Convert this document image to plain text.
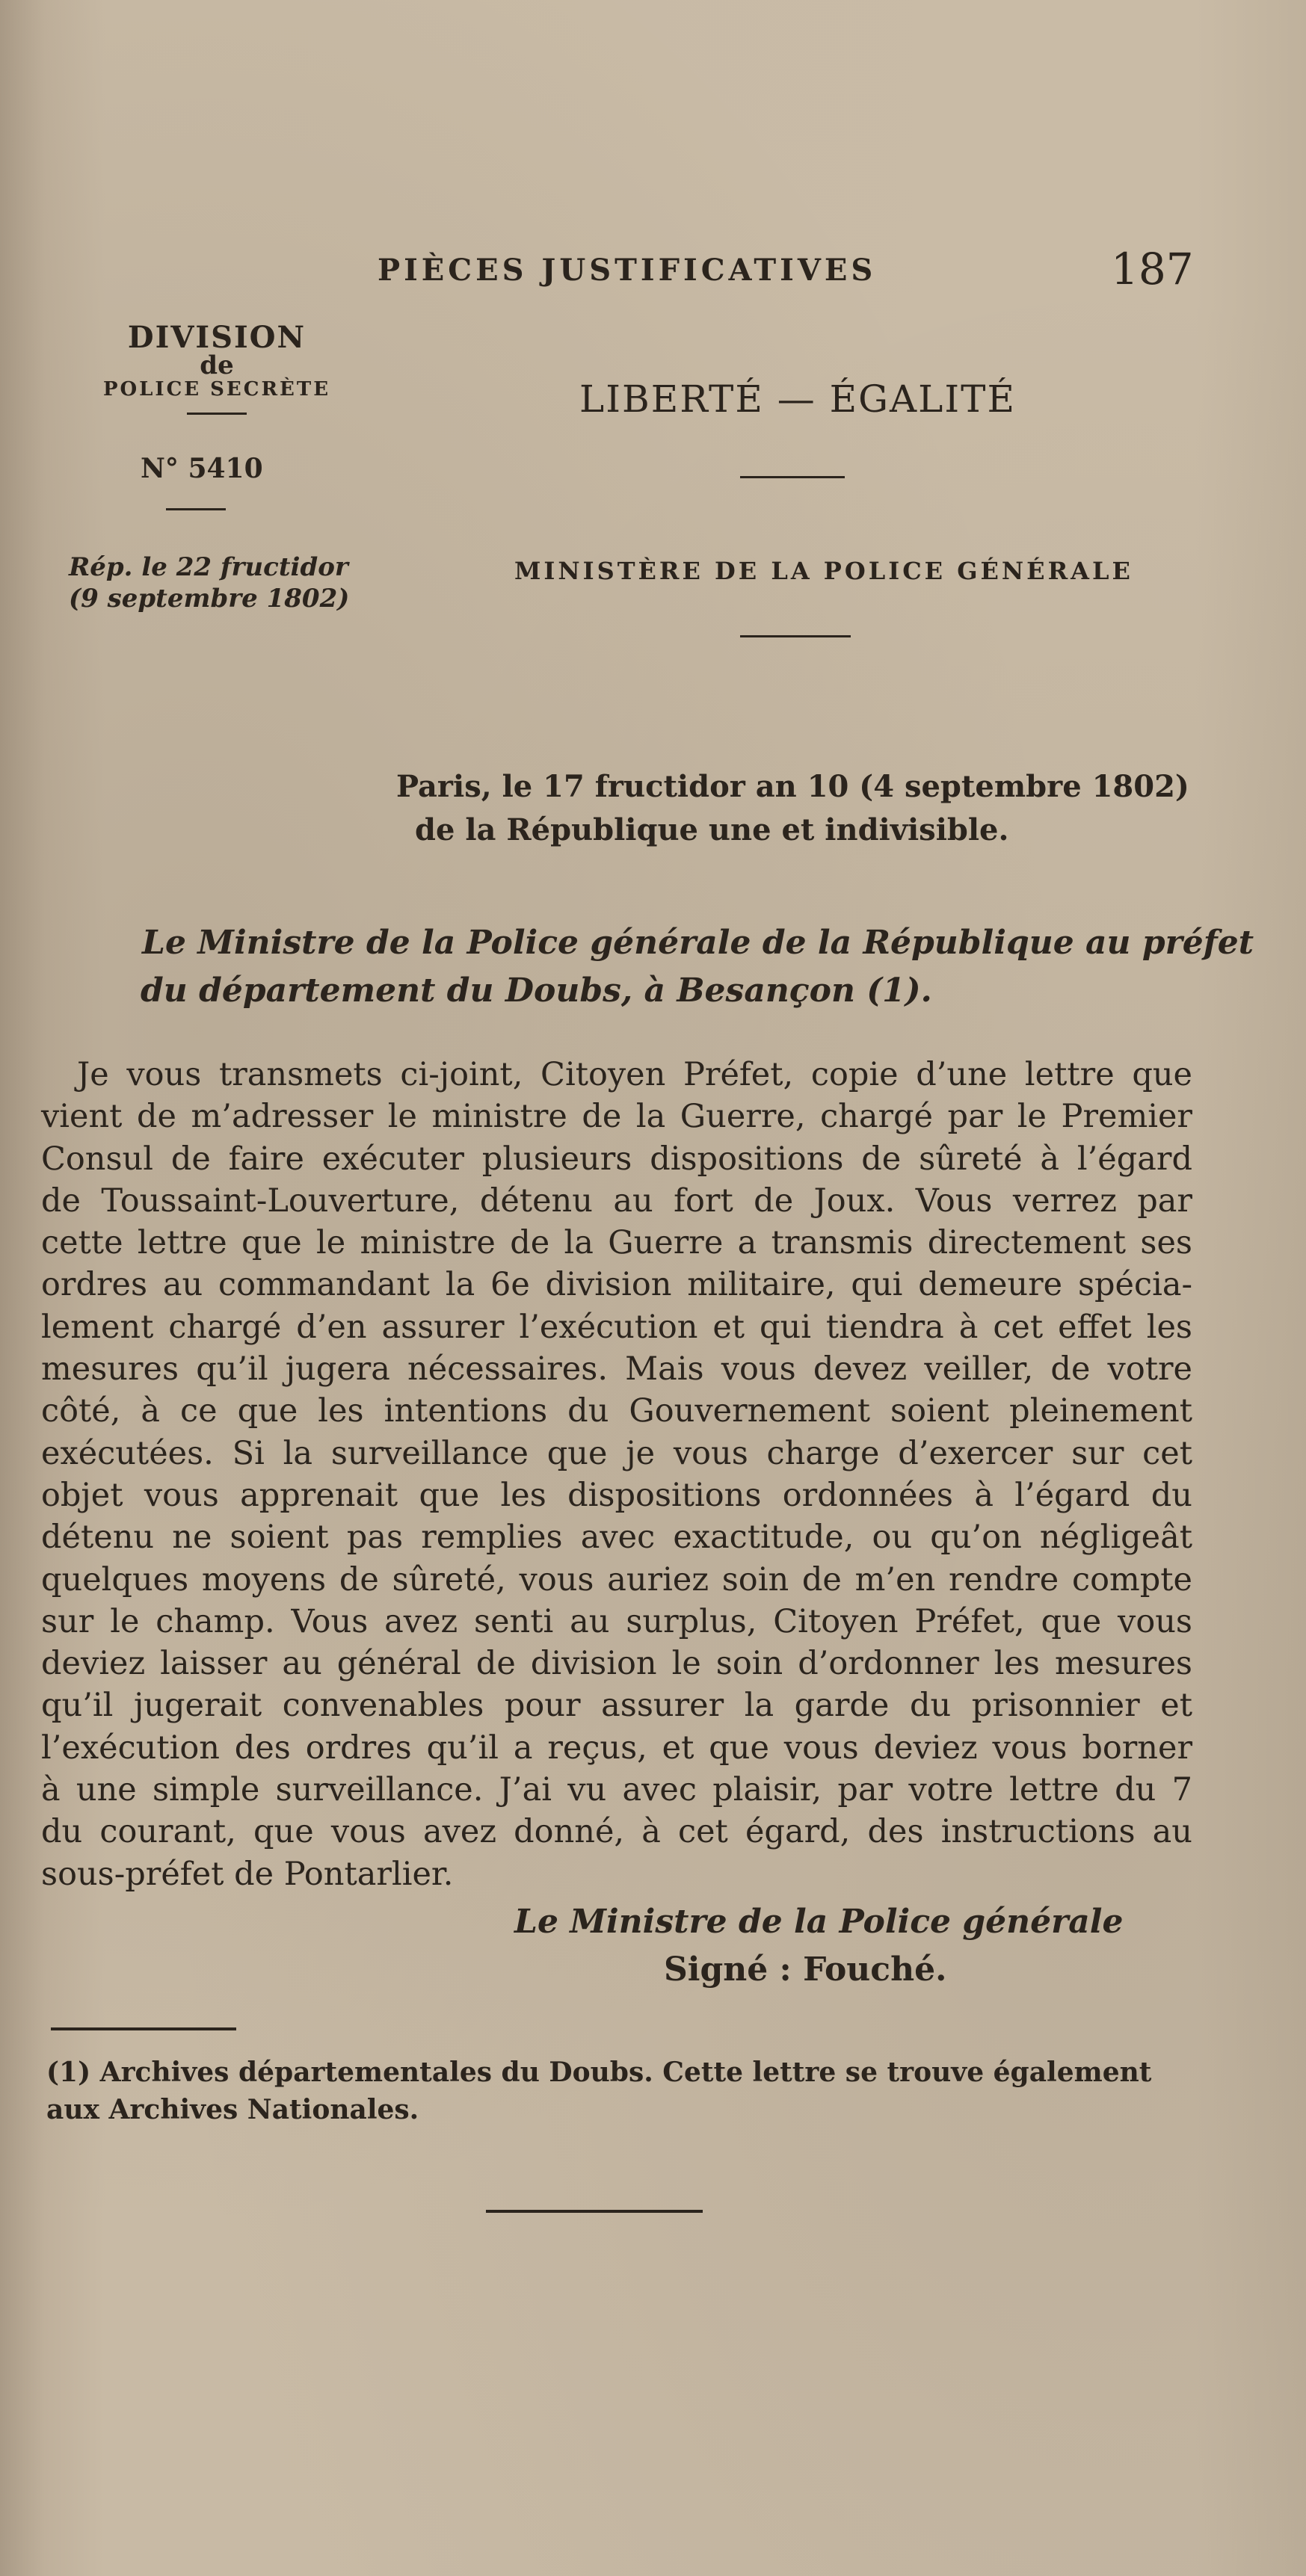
PIÈCES JUSTIFICATIVES	187
DIVISION
de
POLICE SECRÈTE
N° 5410
Rép. le 22 fructidor
(9 septembre 1802)
LIBERTÉ — ÉGALITÉ
MINISTÈRE DE LA POLICE GÉNÉRALE
Paris, le 17 fructidor an 10 (4 septembre 1802)
de la République une et indivisible.
Le Ministre de la Police générale de la République au préfet
du département du Doubs, à Besançon (1).
Je vous transmets ci-joint, Citoyen Préfet, copie d’une lettre que
vient de m’adresser le ministre de la Guerre, chargé par le Premier
Consul de faire exécuter plusieurs dispositions de sûreté à l’égard
de Toussaint-Louverture, détenu au fort de Joux. Vous verrez par
cette lettre que le ministre de la Guerre a transmis directement ses
ordres au commandant la 6e division militaire, qui demeure spécia-
lement chargé d’en assurer l’exécution et qui tiendra à cet effet les
mesures qu’il jugera nécessaires. Mais vous devez veiller, de votre
côté, à ce que les intentions du Gouvernement soient pleinement
exécutées. Si la surveillance que je vous charge d’exercer sur cet
objet vous apprenait que les dispositions ordonnées à l’égard du
détenu ne soient pas remplies avec exactitude, ou qu’on négligeât
quelques moyens de sûreté, vous auriez soin de m’en rendre compte
sur le champ. Vous avez senti au surplus, Citoyen Préfet, que vous
deviez laisser au général de division le soin d’ordonner les mesures
qu’il jugerait convenables pour assurer la garde du prisonnier et
l’exécution des ordres qu’il a reçus, et que vous deviez vous borner
à une simple surveillance. J’ai vu avec plaisir, par votre lettre du 7
du courant, que vous avez donné, à cet égard, des instructions au
sous-préfet de Pontarlier.
Le Ministre de la Police générale
Signé : Fouché.
(1) Archives départementales du Doubs. Cette lettre se trouve également
aux Archives Nationales.
